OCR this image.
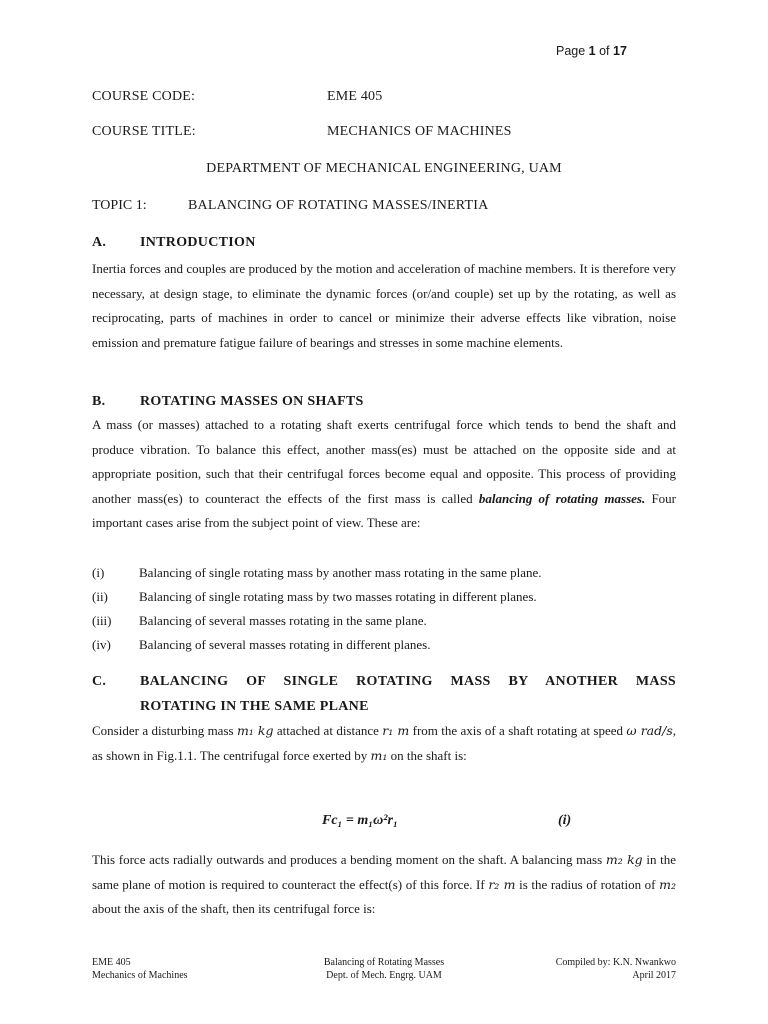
Page 1 of 17
COURSE CODE:	EME 405
COURSE TITLE:	MECHANICS OF MACHINES
DEPARTMENT OF MECHANICAL ENGINEERING, UAM
TOPIC 1:	BALANCING OF ROTATING MASSES/INERTIA
A. INTRODUCTION
Inertia forces and couples are produced by the motion and acceleration of machine members. It is therefore very necessary, at design stage, to eliminate the dynamic forces (or/and couple) set up by the rotating, as well as reciprocating, parts of machines in order to cancel or minimize their adverse effects like vibration, noise emission and premature fatigue failure of bearings and stresses in some machine elements.
B. ROTATING MASSES ON SHAFTS
A mass (or masses) attached to a rotating shaft exerts centrifugal force which tends to bend the shaft and produce vibration. To balance this effect, another mass(es) must be attached on the opposite side and at appropriate position, such that their centrifugal forces become equal and opposite. This process of providing another mass(es) to counteract the effects of the first mass is called balancing of rotating masses. Four important cases arise from the subject point of view. These are:
(i)	Balancing of single rotating mass by another mass rotating in the same plane.
(ii) Balancing of single rotating mass by two masses rotating in different planes.
(iii) Balancing of several masses rotating in the same plane.
(iv) Balancing of several masses rotating in different planes.
C. BALANCING OF SINGLE ROTATING MASS BY ANOTHER MASS
ROTATING IN THE SAME PLANE
Consider a disturbing mass m₁ kg attached at distance r₁ m from the axis of a shaft rotating at speed ω rad/s, as shown in Fig.1.1. The centrifugal force exerted by m₁ on the shaft is:
Fc₁ = m₁ω²r₁	(i)
This force acts radially outwards and produces a bending moment on the shaft. A balancing mass m₂ kg in the same plane of motion is required to counteract the effect(s) of this force. If r₂ m is the radius of rotation of m₂ about the axis of the shaft, then its centrifugal force is:
EME 405
Mechanics of Machines
Balancing of Rotating Masses
Dept. of Mech. Engrg. UAM
Compiled by: K.N. Nwankwo
April 2017
